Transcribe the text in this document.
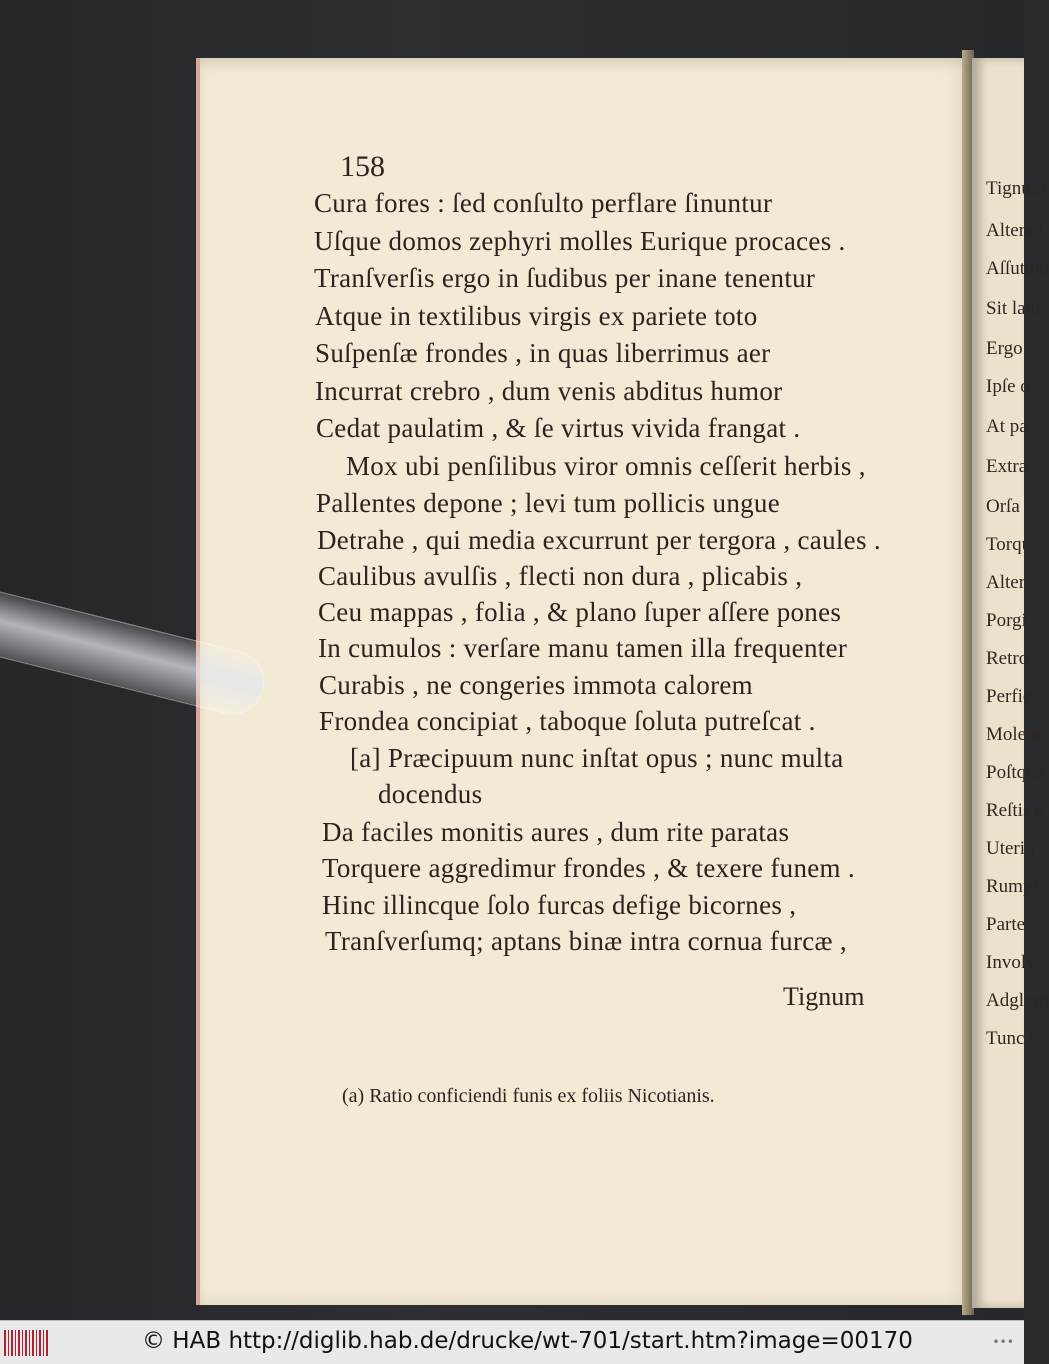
Tignum
Altera t
Aſſutum
Sit latu
Ergo
Ipſe o
At pa
Extra
Orſa
Torqu
Alter
Porgi
Retro
Perfic
Molem
Poſtqua
Reſtis e
Uteriu
Rumpi
Parte
Involv
Adglom
Tunc i
158
Cura fores : ſed conſulto perflare ſinuntur
Uſque domos zephyri molles Eurique procaces .
Tranſverſis ergo in ſudibus per inane tenentur
Atque in textilibus virgis ex pariete toto
Suſpenſæ frondes , in quas liberrimus aer
Incurrat crebro , dum venis abditus humor
Cedat paulatim , & ſe virtus vivida frangat .
Mox ubi penſilibus viror omnis ceſſerit herbis ,
Pallentes depone ; levi tum pollicis ungue
Detrahe , qui media excurrunt per tergora , caules .
Caulibus avulſis , flecti non dura , plicabis ,
Ceu mappas , folia , & plano ſuper aſſere pones
In cumulos : verſare manu tamen illa frequenter
Curabis , ne congeries immota calorem
Frondea concipiat , taboque ſoluta putreſcat .
[a] Præcipuum nunc inſtat opus ; nunc multa
docendus
Da faciles monitis aures , dum rite paratas
Torquere aggredimur frondes , & texere funem .
Hinc illincque ſolo furcas defige bicornes ,
Tranſverſumq; aptans binæ intra cornua furcæ ,
Tignum
(a) Ratio conficiendi funis ex foliis Nicotianis.
© HAB http://diglib.hab.de/drucke/wt-701/start.htm?image=00170	•••
